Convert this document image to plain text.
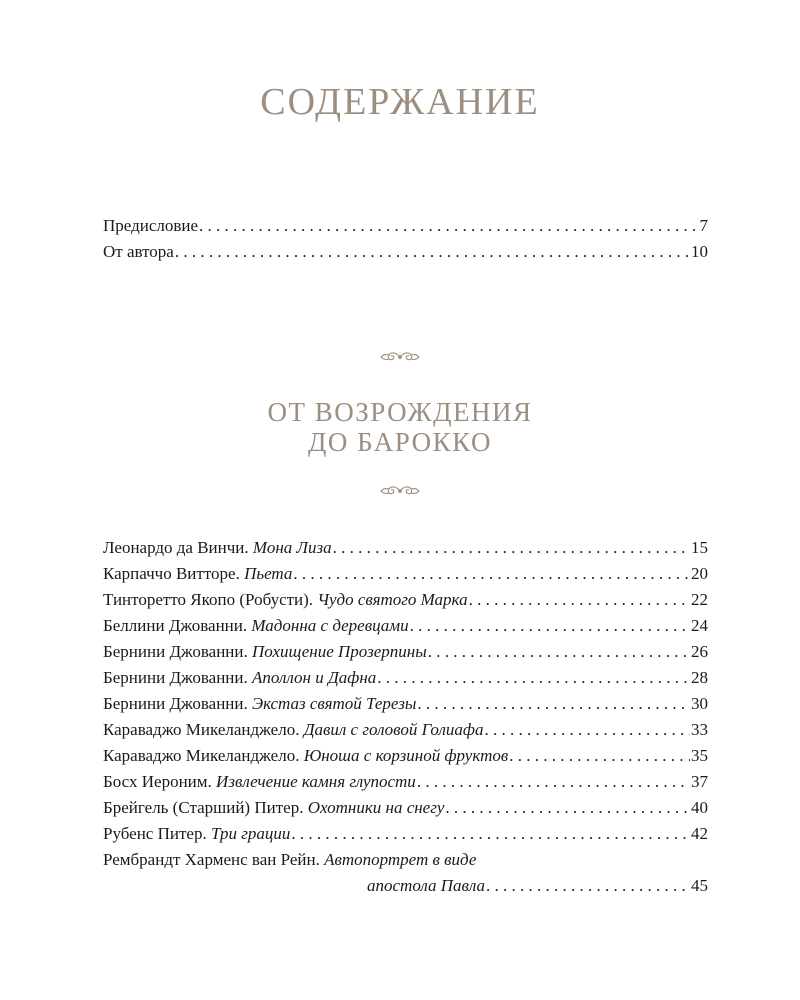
СОДЕРЖАНИЕ
Предисловие . . .	7
От автора . . .	10
ОТ ВОЗРОЖДЕНИЯ
ДО БАРОККО
Леонардо да Винчи. Мона Лиза . . .	15
Карпаччо Витторе. Пьета . . .	20
Тинторетто Якопо (Робусти). Чудо святого Марка . . .	22
Беллини Джованни. Мадонна с деревцами . . .	24
Бернини Джованни. Похищение Прозерпины . . .	26
Бернини Джованни. Аполлон и Дафна . . .	28
Бернини Джованни. Экстаз святой Терезы . . .	30
Караваджо Микеланджело. Давил с головой Голиафа . . .	33
Караваджо Микеланджело. Юноша с корзиной фруктов . . .	35
Босх Иероним. Извлечение камня глупости . . .	37
Брейгель (Старший) Питер. Охотники на снегу . . .	40
Рубенс Питер. Три грации . . .	42
Рембрандт Харменс ван Рейн. Автопортрет в виде
апостола Павла . . .	45
